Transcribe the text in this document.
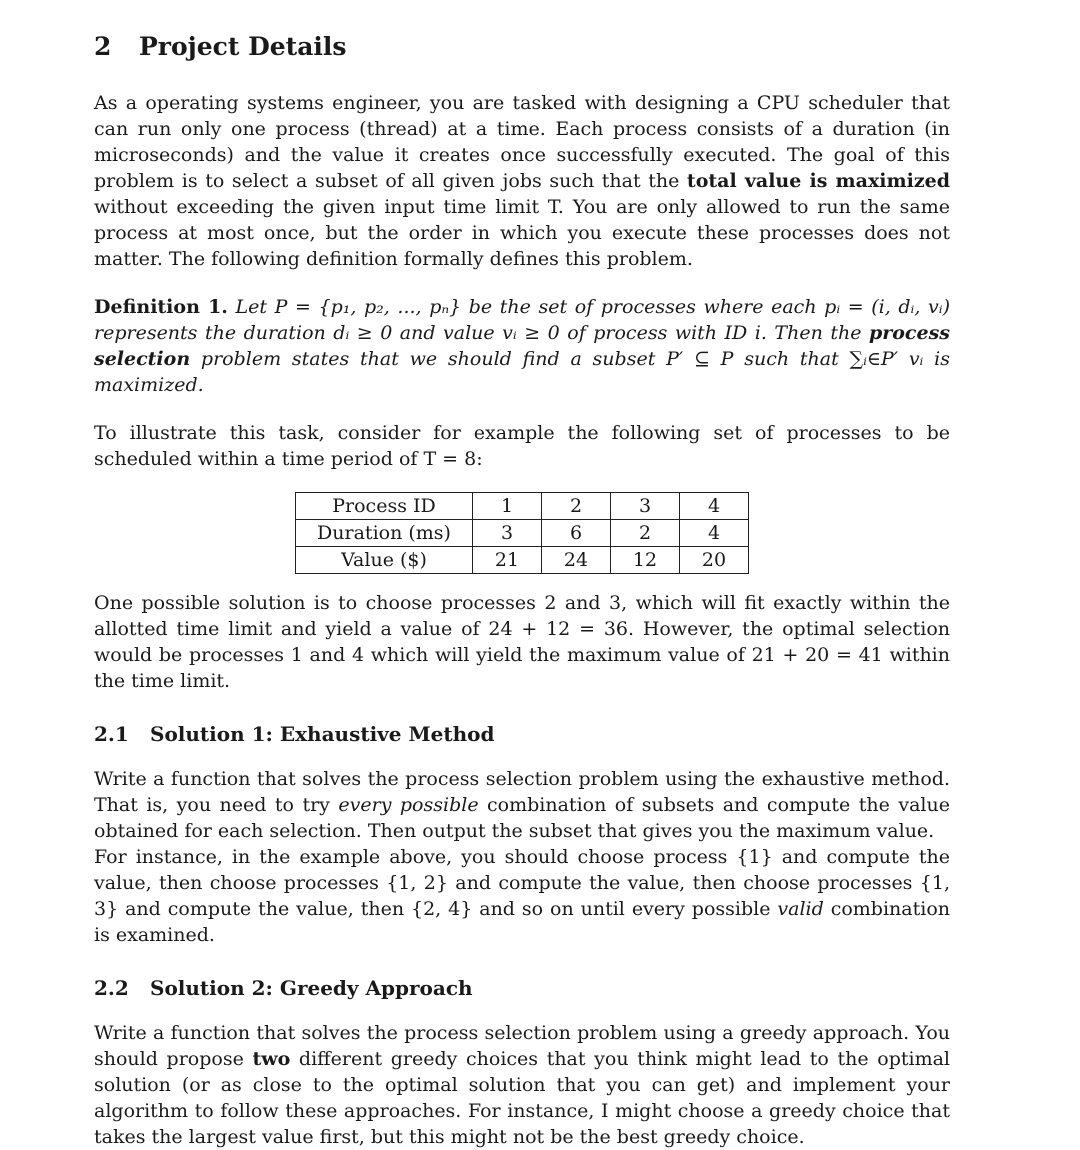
2 Project Details

As a operating systems engineer, you are tasked with designing a CPU scheduler that can run only one process (thread) at a time. Each process consists of a duration (in microseconds) and the value it creates once successfully executed. The goal of this problem is to select a subset of all given jobs such that the total value is maximized without exceeding the given input time limit T. You are only allowed to run the same process at most once, but the order in which you execute these processes does not matter. The following definition formally defines this problem.

Definition 1. Let P = {p₁, p₂, ..., pₙ} be the set of processes where each pᵢ = (i, dᵢ, vᵢ) represents the duration dᵢ ≥ 0 and value vᵢ ≥ 0 of process with ID i. Then the process selection problem states that we should find a subset P′ ⊆ P such that ∑ᵢ∈P′ vᵢ is maximized.

To illustrate this task, consider for example the following set of processes to be scheduled within a time period of T = 8:

Process ID	1	2	3	4
Duration (ms)	3	6	2	4
Value ($)	21	24	12	20

One possible solution is to choose processes 2 and 3, which will fit exactly within the allotted time limit and yield a value of 24 + 12 = 36. However, the optimal selection would be processes 1 and 4 which will yield the maximum value of 21 + 20 = 41 within the time limit.

2.1 Solution 1: Exhaustive Method

Write a function that solves the process selection problem using the exhaustive method. That is, you need to try every possible combination of subsets and compute the value obtained for each selection. Then output the subset that gives you the maximum value.

For instance, in the example above, you should choose process {1} and compute the value, then choose processes {1, 2} and compute the value, then choose processes {1, 3} and compute the value, then {2, 4} and so on until every possible valid combination is examined.

2.2 Solution 2: Greedy Approach

Write a function that solves the process selection problem using a greedy approach. You should propose two different greedy choices that you think might lead to the optimal solution (or as close to the optimal solution that you can get) and implement your algorithm to follow these approaches. For instance, I might choose a greedy choice that takes the largest value first, but this might not be the best greedy choice.
